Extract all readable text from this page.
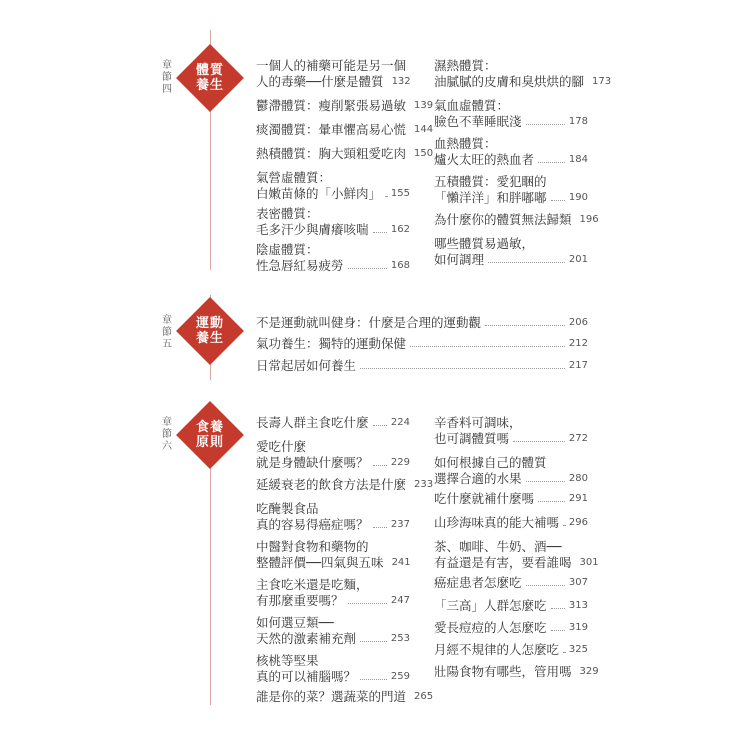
章節四
體質
養生
一個人的補藥可能是另一個
人的毒藥──什麼是體質 132
鬱滯體質：瘦削緊張易過敏 139
痰濁體質：暈車懼高易心慌 144
熱積體質：胸大頸粗愛吃肉 150
氣營虛體質：
白嫩苗條的「小鮮肉」 155
表密體質：
毛多汗少與膚癢咳喘 162
陰虛體質：
性急唇紅易疲勞	168
濕熱體質：
油膩膩的皮膚和臭烘烘的腳 173
氣血虛體質：
臉色不華睡眠淺	178
血熱體質：
爐火太旺的熱血者	184
五積體質：愛犯睏的
「懶洋洋」和胖嘟嘟 190
為什麼你的體質無法歸類 196
哪些體質易過敏，
如何調理	201
章節五
運動
養生
不是運動就叫健身：什麼是合理的運動觀	206
氣功養生：獨特的運動保健	212
日常起居如何養生	217
章節六
食養
原則
長壽人群主食吃什麼 224
愛吃什麼
就是身體缺什麼嗎？ 229
延緩衰老的飲食方法是什麼 233
吃醃製食品
真的容易得癌症嗎？ 237
中醫對食物和藥物的
整體評價──四氣與五味 241
主食吃米還是吃麵，
有那麼重要嗎？	247
如何選豆類──
天然的激素補充劑	253
核桃等堅果
真的可以補腦嗎？	259
誰是你的菜？選蔬菜的門道 265
辛香料可調味，
也可調體質嗎	272
如何根據自己的體質
選擇合適的水果	280
吃什麼就補什麼嗎	291
山珍海味真的能大補嗎 296
茶、咖啡、牛奶、酒──
有益還是有害，要看誰喝 301
癌症患者怎麼吃	307
「三高」人群怎麼吃 313
愛長痘痘的人怎麼吃 319
月經不規律的人怎麼吃 325
壯陽食物有哪些，管用嗎 329
